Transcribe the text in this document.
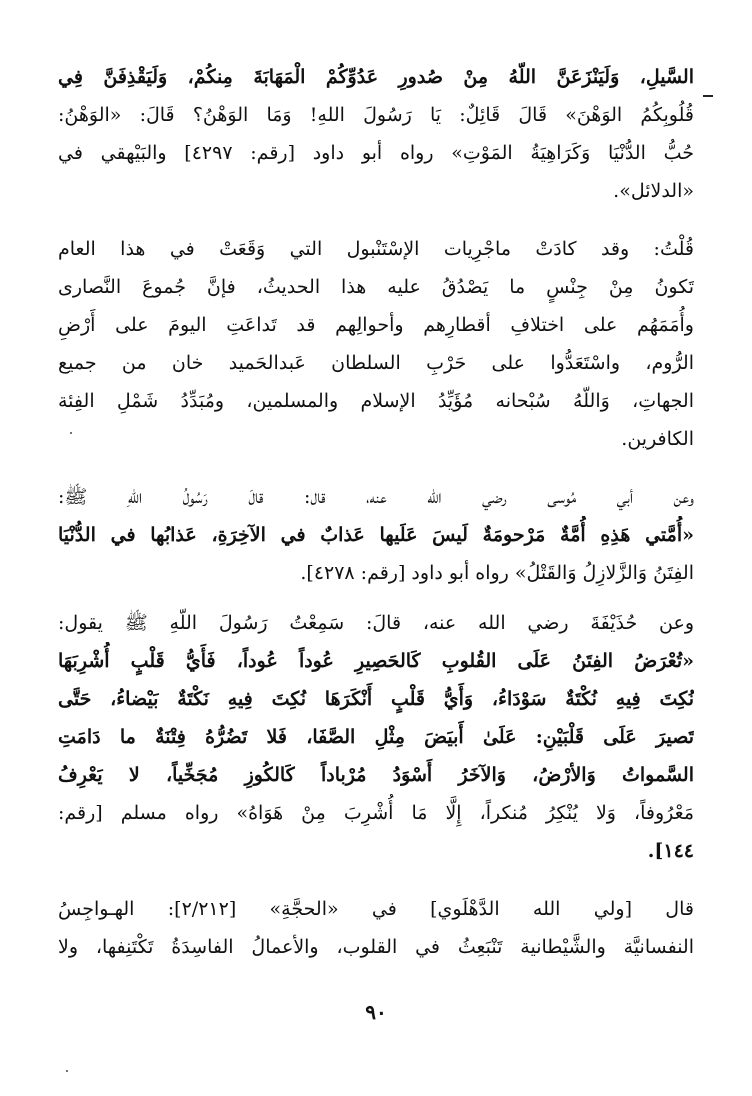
السَّيلِ، وَلَيَنْزَعَنَّ اللّهُ مِنْ صُدورِ عَدُوِّكُمْ الْمَهَابَةَ مِنكُمْ، وَلَيَقْذِفَنَّ فِي
قُلُوبِكُمُ الوَهْنَ» قَالَ قَائِلٌ: يَا رَسُولَ اللهِ! وَمَا الوَهْنُ؟ قَالَ: «الوَهْنُ:
حُبُّ الدُّنْيَا وَكَرَاهِيَةُ المَوْتِ» رواه أبو داود [رقم: ٤٢٩٧] والبَيْهقي في
«الدلائل».
قُلْتُ: وقد كادَتْ ماجْرِيات الإسْتَنْبول التي وَقَعَتْ في هذا العام
تَكونُ مِنْ جِنْسٍ ما يَصْدُقُ عليه هذا الحديثُ، فإنَّ جُموعَ النَّصارى
وأُمَمَهُم على اختلافِ أقطارِهم وأحوالِهم قد تَداعَتِ اليومَ على أَرْضِ
الرُّوم، واسْتَعَدُّوا على حَرْبِ السلطان عَبدالحَميد خان من جميع
الجهاتِ، وَاللّهُ سُبْحانه مُؤَيِّدُ الإسلام والمسلمين، ومُبَدِّدُ شَمْلِ الفِئة
الكافرين.
وعن أبي مُوسى رضي الله عنه، قال: قالَ رَسُولُ اللّهِ ﷺ:
«أُمَّتي هَذِهِ أُمَّةٌ مَرْحومَةٌ لَيسَ عَلَيها عَذابٌ في الآخِرَةِ، عَذابُها في الدُّنْيَا
الفِتَنُ وَالزَّلازِلُ وَالقَتْلُ» رواه أبو داود [رقم: ٤٢٧٨].
وعن حُذَيْفَةَ رضي الله عنه، قالَ: سَمِعْتُ رَسُولَ اللّهِ ﷺ يقول:
«تُعْرَضُ الفِتَنُ عَلَى القُلوبِ كَالحَصِيرِ عُوداً عُوداً، فَأَيُّ قَلْبٍ أُشْرِبَهَا
نُكِتَ فِيهِ نُكْتَةٌ سَوْدَاءُ، وَأَيُّ قَلْبٍ أَنْكَرَهَا نُكِتَ فِيهِ نَكْتَةٌ بَيْضاءُ، حَتَّى
تَصيرَ عَلَى قَلْبَيْنِ: عَلَىٰ أَبيَضَ مِثْلِ الصَّفَا، فَلا تَضُرُّهُ فِتْنَةٌ ما دَامَتِ
السَّمواتُ وَالأرْضُ، وَالآخَرُ أَسْوَدُ مُرْباداً كَالكُوزِ مُجَخِّياً، لا يَعْرِفُ
مَعْرُوفاً، وَلا يُنْكِرُ مُنكراً، إِلَّا مَا أُشْرِبَ مِنْ هَوَاهُ» رواه مسلم [رقم:
١٤٤].
قال [ولي الله الدَّهْلَوي] في «الحجَّةِ» [٢/٢١٢]: الهـواجِسُ
النفسانيَّة والشَّيْطانية تَنْبَعِثُ في القلوب، والأعمالُ الفاسِدَةُ تَكْتَنِفها، ولا
٩٠
